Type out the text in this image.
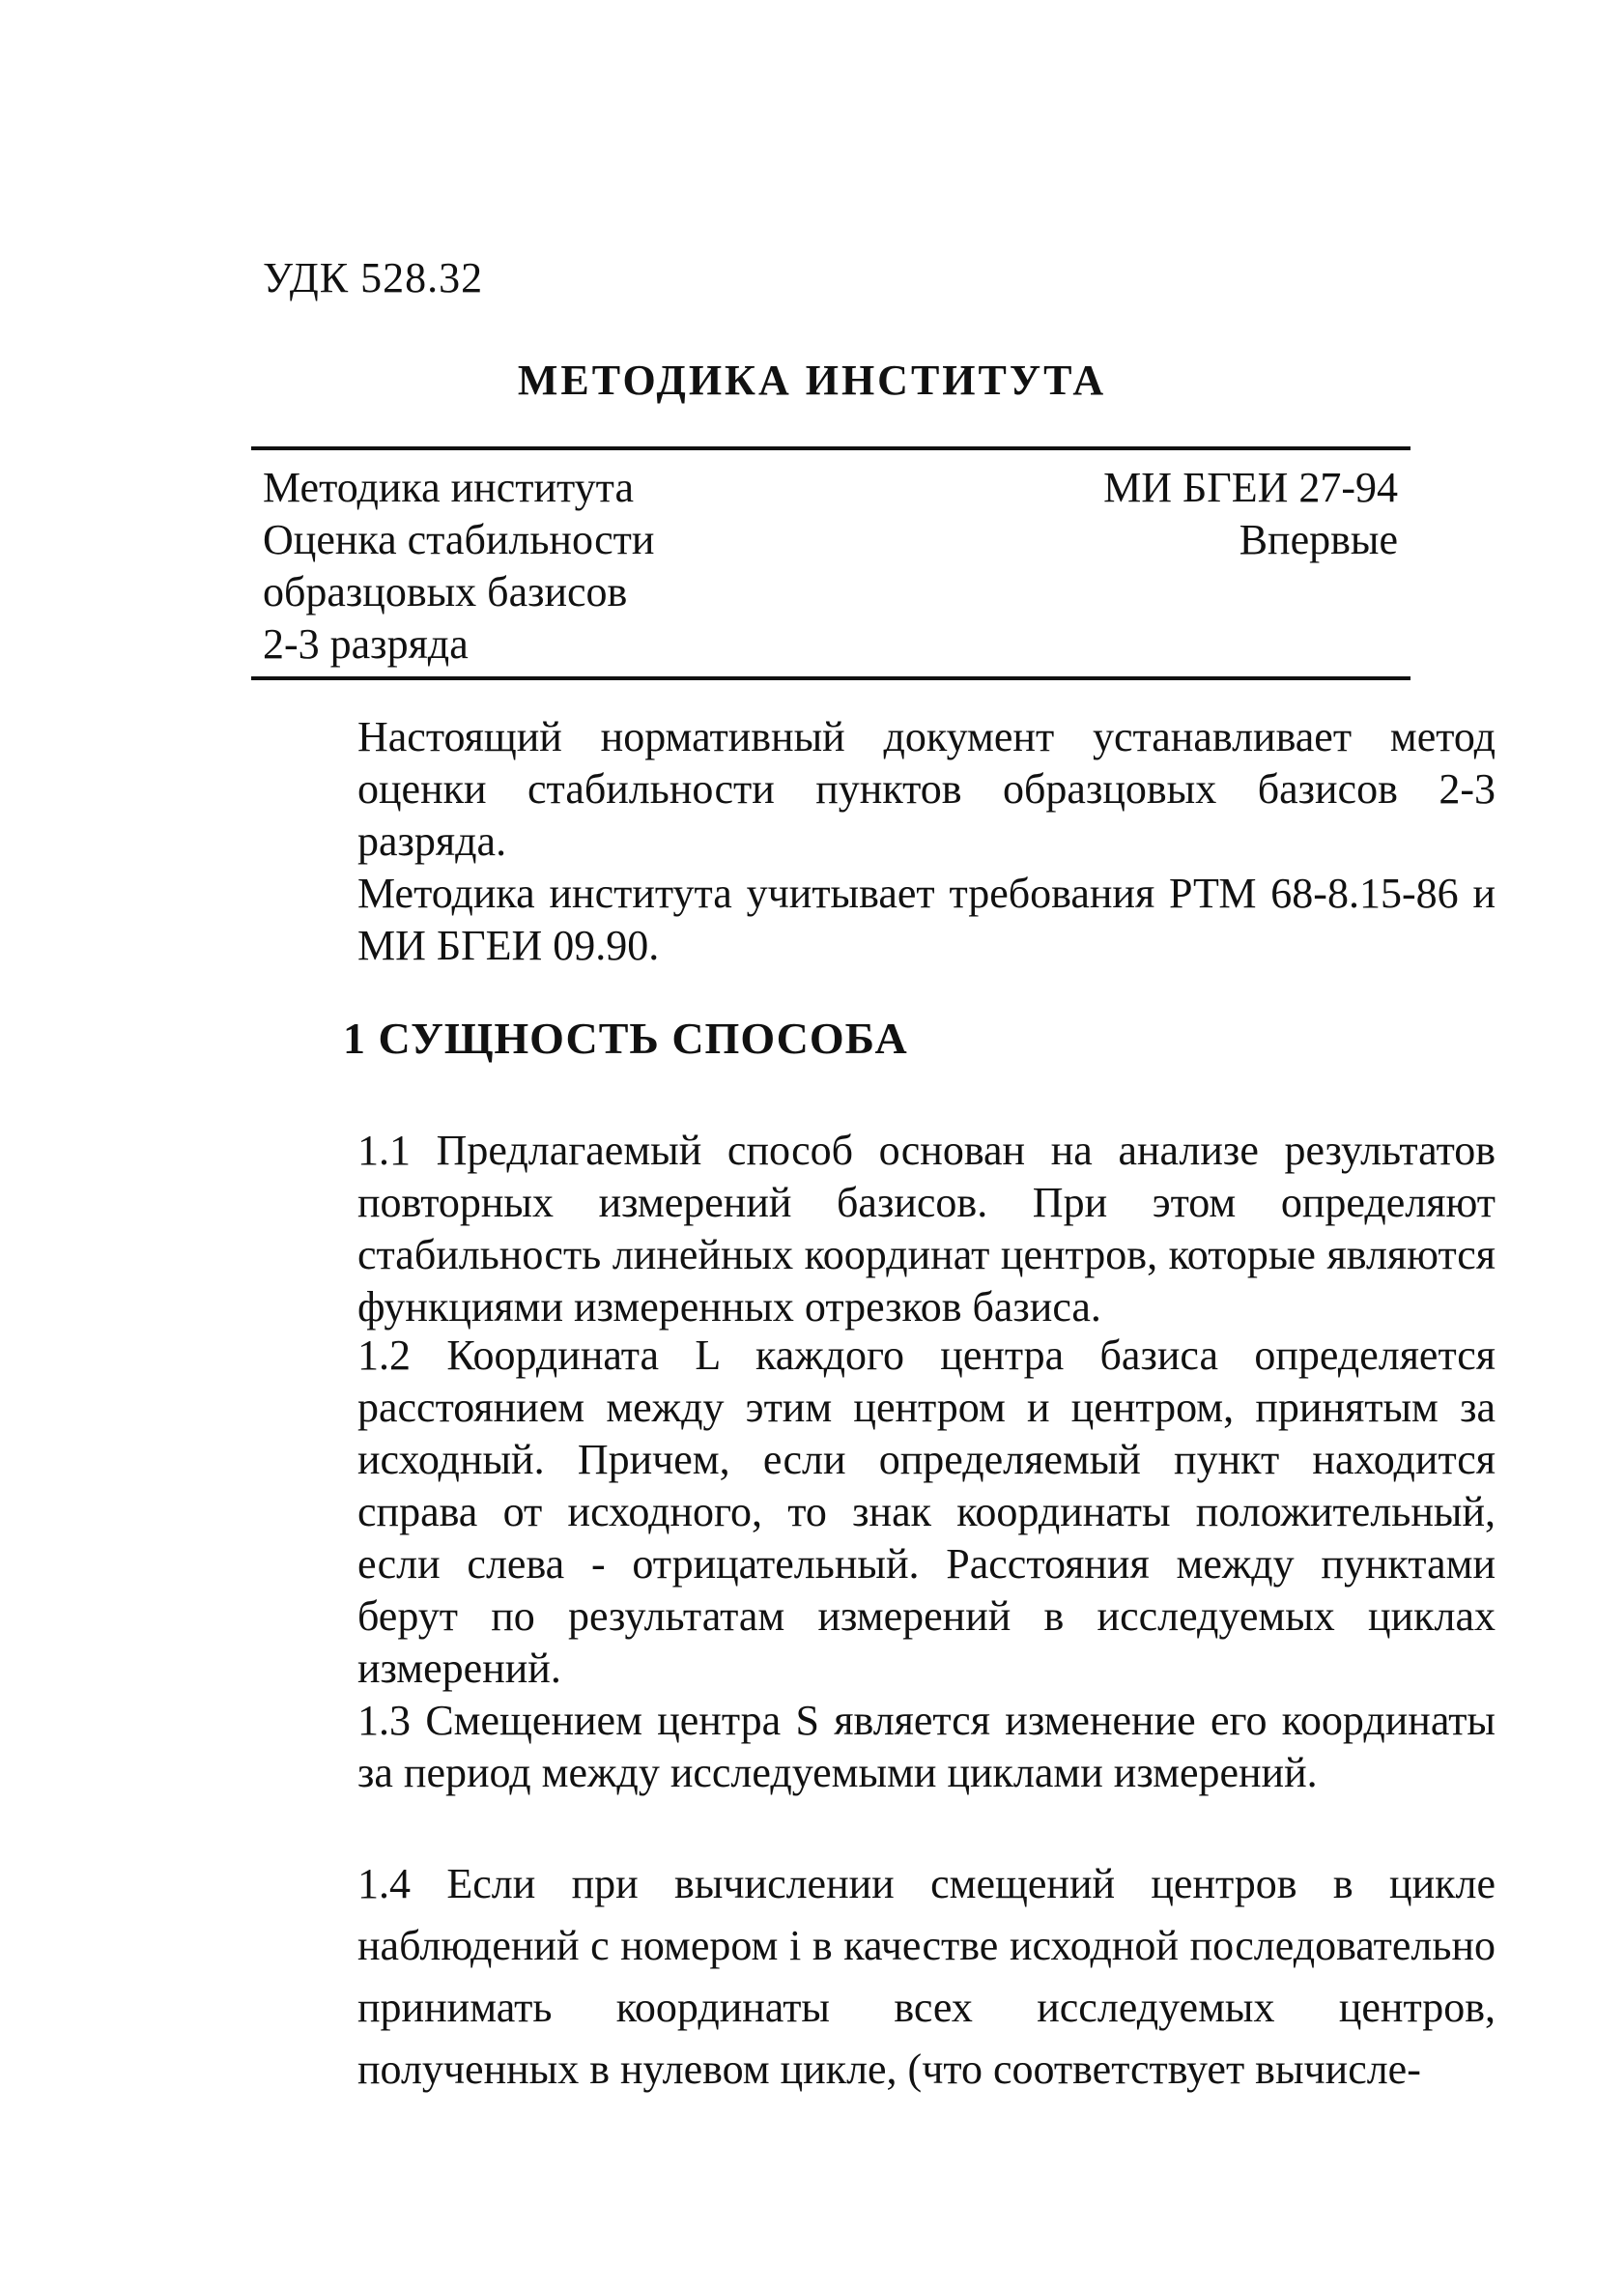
УДК 528.32
МЕТОДИКА ИНСТИТУТА
Методика института
Оценка стабильности
образцовых базисов
2-3 разряда
МИ БГЕИ 27-94
Впервые
Настоящий нормативный документ устанавливает метод оценки стабильности пунктов образцовых базисов 2-3 разряда.
Методика института учитывает требования РТМ 68-8.15-86 и МИ БГЕИ 09.90.
1 СУЩНОСТЬ СПОСОБА
1.1 Предлагаемый способ основан на анализе результатов повторных измерений базисов. При этом определяют стабильность линейных координат центров, которые являются функциями измеренных отрезков базиса.
1.2 Координата L каждого центра базиса определяется расстоянием между этим центром и центром, принятым за исходный. Причем, если определяемый пункт находится справа от исходного, то знак координаты положительный, если слева - отрицательный. Расстояния между пунктами берут по результатам измерений в исследуемых циклах измерений.
1.3 Смещением центра S является изменение его координаты за период между исследуемыми циклами измерений.
1.4 Если при вычислении смещений центров в цикле наблюдений с номером i в качестве исходной последовательно принимать координаты всех исследуемых центров, полученных в нулевом цикле, (что соответствует вычисле-
